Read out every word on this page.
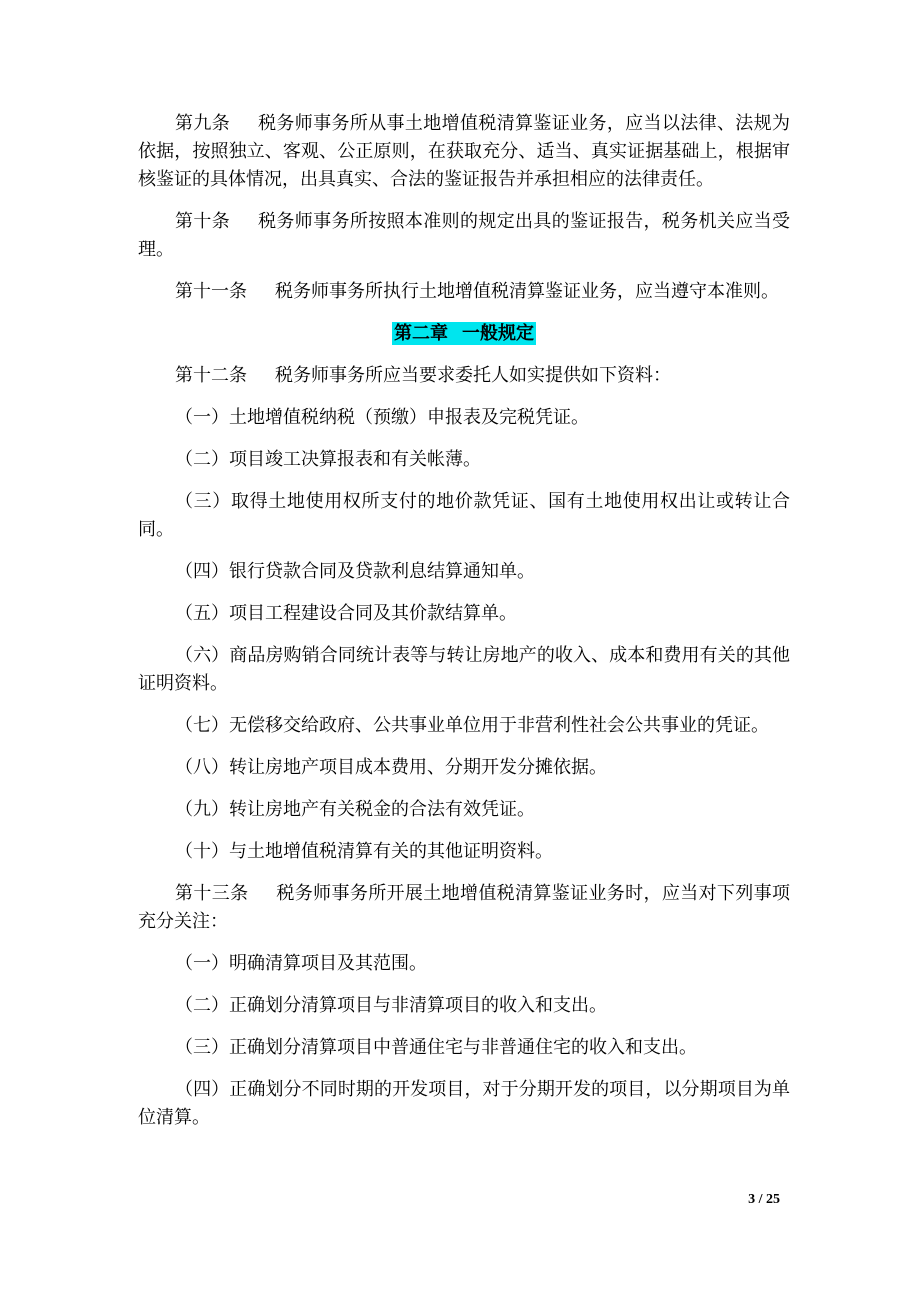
第九条 税务师事务所从事土地增值税清算鉴证业务，应当以法律、法规为依据，按照独立、客观、公正原则，在获取充分、适当、真实证据基础上，根据审核鉴证的具体情况，出具真实、合法的鉴证报告并承担相应的法律责任。

第十条 税务师事务所按照本准则的规定出具的鉴证报告，税务机关应当受理。

第十一条 税务师事务所执行土地增值税清算鉴证业务，应当遵守本准则。

第二章 一般规定

第十二条 税务师事务所应当要求委托人如实提供如下资料：

（一）土地增值税纳税（预缴）申报表及完税凭证。

（二）项目竣工决算报表和有关帐薄。

（三）取得土地使用权所支付的地价款凭证、国有土地使用权出让或转让合同。

（四）银行贷款合同及贷款利息结算通知单。

（五）项目工程建设合同及其价款结算单。

（六）商品房购销合同统计表等与转让房地产的收入、成本和费用有关的其他证明资料。

（七）无偿移交给政府、公共事业单位用于非营利性社会公共事业的凭证。

（八）转让房地产项目成本费用、分期开发分摊依据。

（九）转让房地产有关税金的合法有效凭证。

（十）与土地增值税清算有关的其他证明资料。

第十三条 税务师事务所开展土地增值税清算鉴证业务时，应当对下列事项充分关注：

（一）明确清算项目及其范围。

（二）正确划分清算项目与非清算项目的收入和支出。

（三）正确划分清算项目中普通住宅与非普通住宅的收入和支出。

（四）正确划分不同时期的开发项目，对于分期开发的项目，以分期项目为单位清算。

3 / 25
